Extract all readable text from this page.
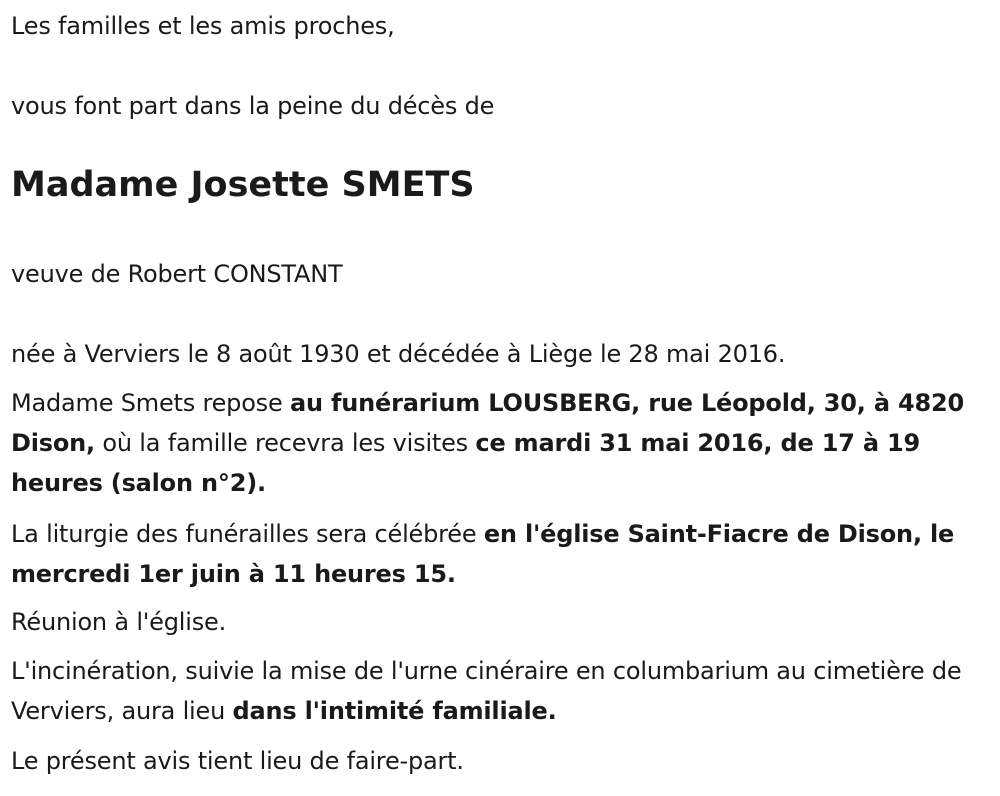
Les familles et les amis proches,

vous font part dans la peine du décès de

Madame Josette SMETS

veuve de Robert CONSTANT

née à Verviers le 8 août 1930 et décédée à Liège le 28 mai 2016.

Madame Smets repose au funérarium LOUSBERG, rue Léopold, 30, à 4820 Dison, où la famille recevra les visites ce mardi 31 mai 2016, de 17 à 19 heures (salon n°2).

La liturgie des funérailles sera célébrée en l'église Saint-Fiacre de Dison, le mercredi 1er juin à 11 heures 15.

Réunion à l'église.

L'incinération, suivie la mise de l'urne cinéraire en columbarium au cimetière de Verviers, aura lieu dans l'intimité familiale.

Le présent avis tient lieu de faire-part.
